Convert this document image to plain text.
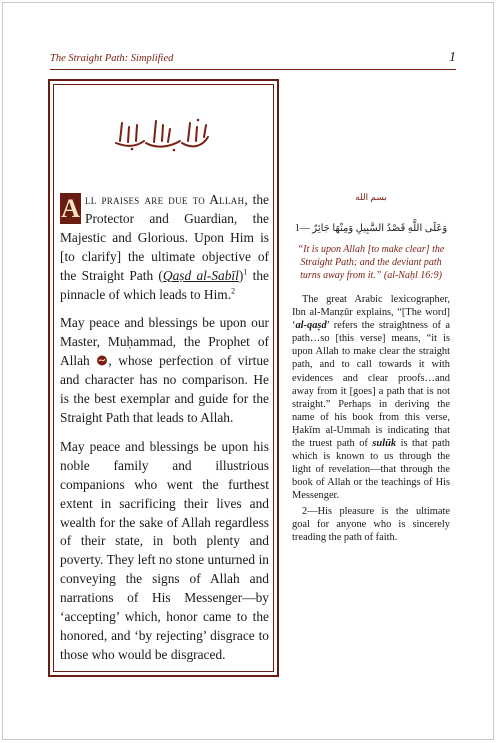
The Straight Path: Simplified	1

A ll praises are due to Allah, the Protector and Guardian, the Majestic and Glorious. Upon Him is [to clarify] the ultimate objective of the Straight Path (Qaṣd al-Sabīl)$^1$ the pinnacle of which leads to Him.$^2$

May peace and blessings be upon our Master, Muḥammad, the Prophet of Allah , whose perfection of virtue and character has no comparison. He is the best exemplar and guide for the Straight Path that leads to Allah.

May peace and blessings be upon his noble family and illustrious companions who went the furthest extent in sacrificing their lives and wealth for the sake of Allah regardless of their state, in both plenty and poverty. They left no stone unturned in conveying the signs of Allah and narrations of His Messenger—by ‘accepting’ which, honor came to the honored, and ‘by rejecting’ disgrace to those who would be disgraced.

بسم الله
وَعَلَى اللَّهِ قَصْدُ السَّبِيلِ وَمِنْهَا جَائِرٌ —1
“It is upon Allah [to make clear] the Straight Path; and the deviant path turns away from it.” (al-Naḥl 16:9)

The great Arabic lexicographer, Ibn al-Manẓūr explains, “[The word] ‘al-qaṣd’ refers the straightness of a path…so [this verse] means, “it is upon Allah to make clear the straight path, and to call towards it with evidences and clear proofs…and away from it [goes] a path that is not straight.” Perhaps in deriving the name of his book from this verse, Ḥakīm al-Ummah is indicating that the truest path of sulūk is that path which is known to us through the light of revelation—that through the book of Allah or the teachings of His Messenger.

2—His pleasure is the ultimate goal for anyone who is sincerely treading the path of faith.
